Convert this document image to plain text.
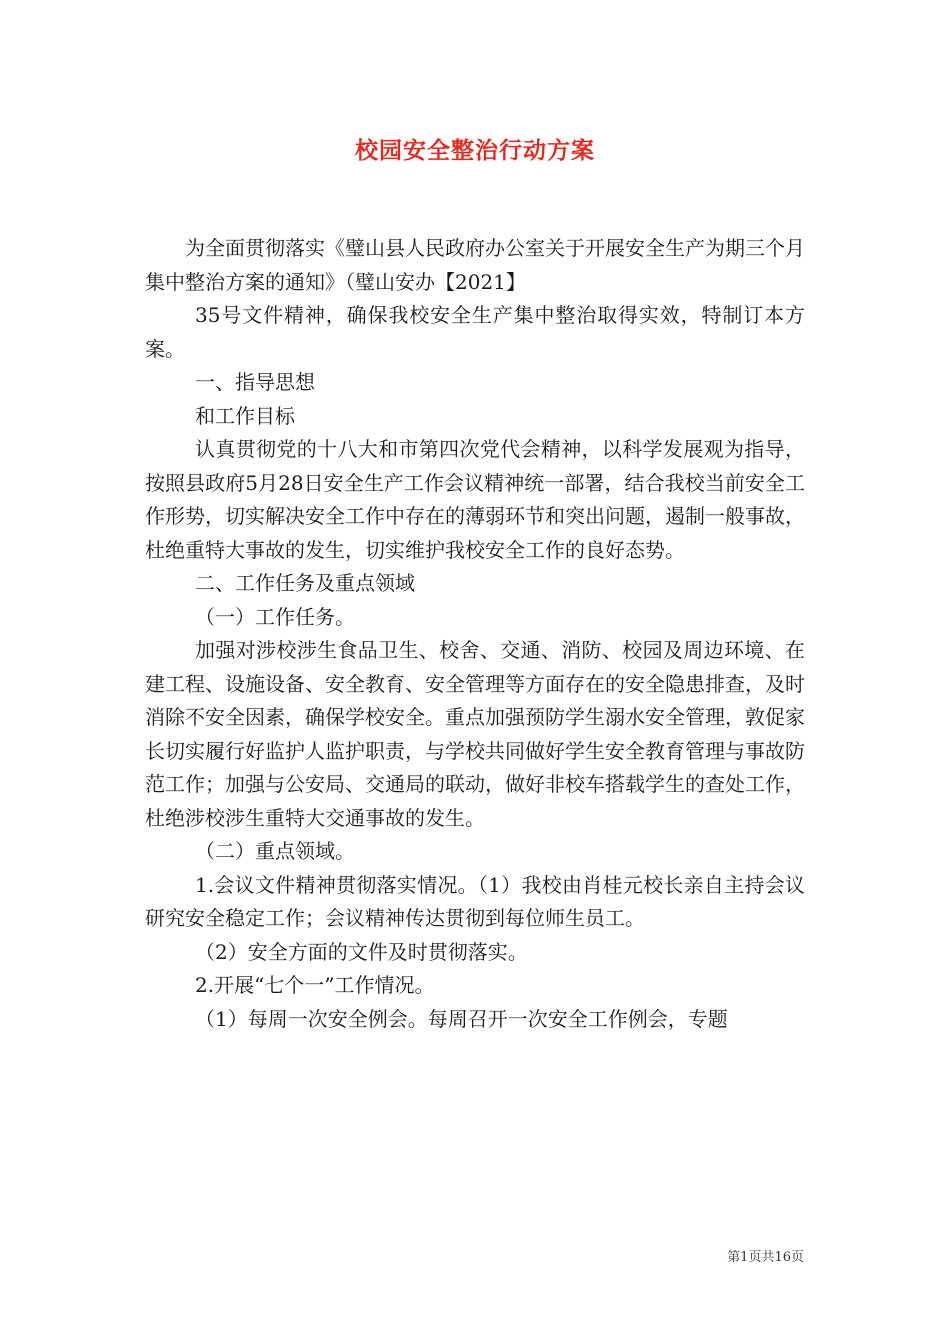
校园安全整治行动方案

为全面贯彻落实《璧山县人民政府办公室关于开展安全生产为期三个月集中整治方案的通知》（璧山安办【2021】

35号文件精神，确保我校安全生产集中整治取得实效，特制订本方案。

一、指导思想

和工作目标

认真贯彻党的十八大和市第四次党代会精神，以科学发展观为指导，按照县政府5月28日安全生产工作会议精神统一部署，结合我校当前安全工作形势，切实解决安全工作中存在的薄弱环节和突出问题，遏制一般事故，杜绝重特大事故的发生，切实维护我校安全工作的良好态势。

二、工作任务及重点领域

（一）工作任务。

加强对涉校涉生食品卫生、校舍、交通、消防、校园及周边环境、在建工程、设施设备、安全教育、安全管理等方面存在的安全隐患排查，及时消除不安全因素，确保学校安全。重点加强预防学生溺水安全管理，敦促家长切实履行好监护人监护职责，与学校共同做好学生安全教育管理与事故防范工作；加强与公安局、交通局的联动，做好非校车搭载学生的查处工作，杜绝涉校涉生重特大交通事故的发生。

（二）重点领域。

1.会议文件精神贯彻落实情况。（1）我校由肖桂元校长亲自主持会议研究安全稳定工作；会议精神传达贯彻到每位师生员工。

（2）安全方面的文件及时贯彻落实。

2.开展“七个一”工作情况。

（1）每周一次安全例会。每周召开一次安全工作例会，专题

第1页共16页
